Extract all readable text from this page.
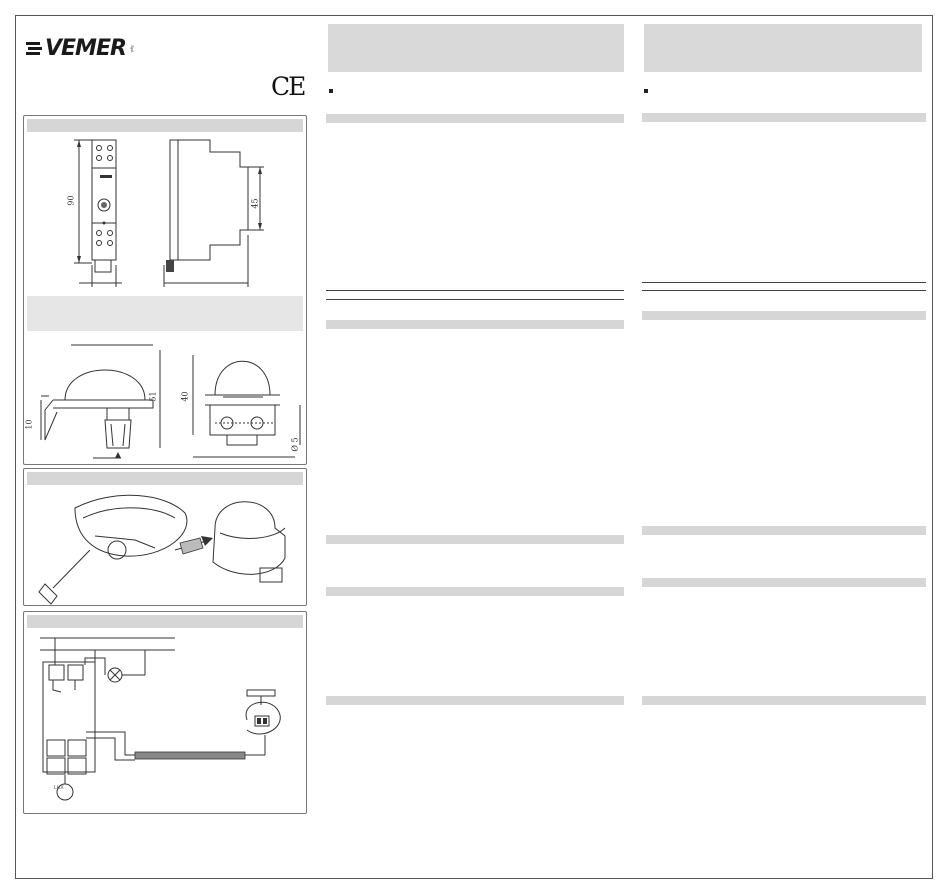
VEMER SpA
CE
90	45
51
10
40
Ø 5
LUX
